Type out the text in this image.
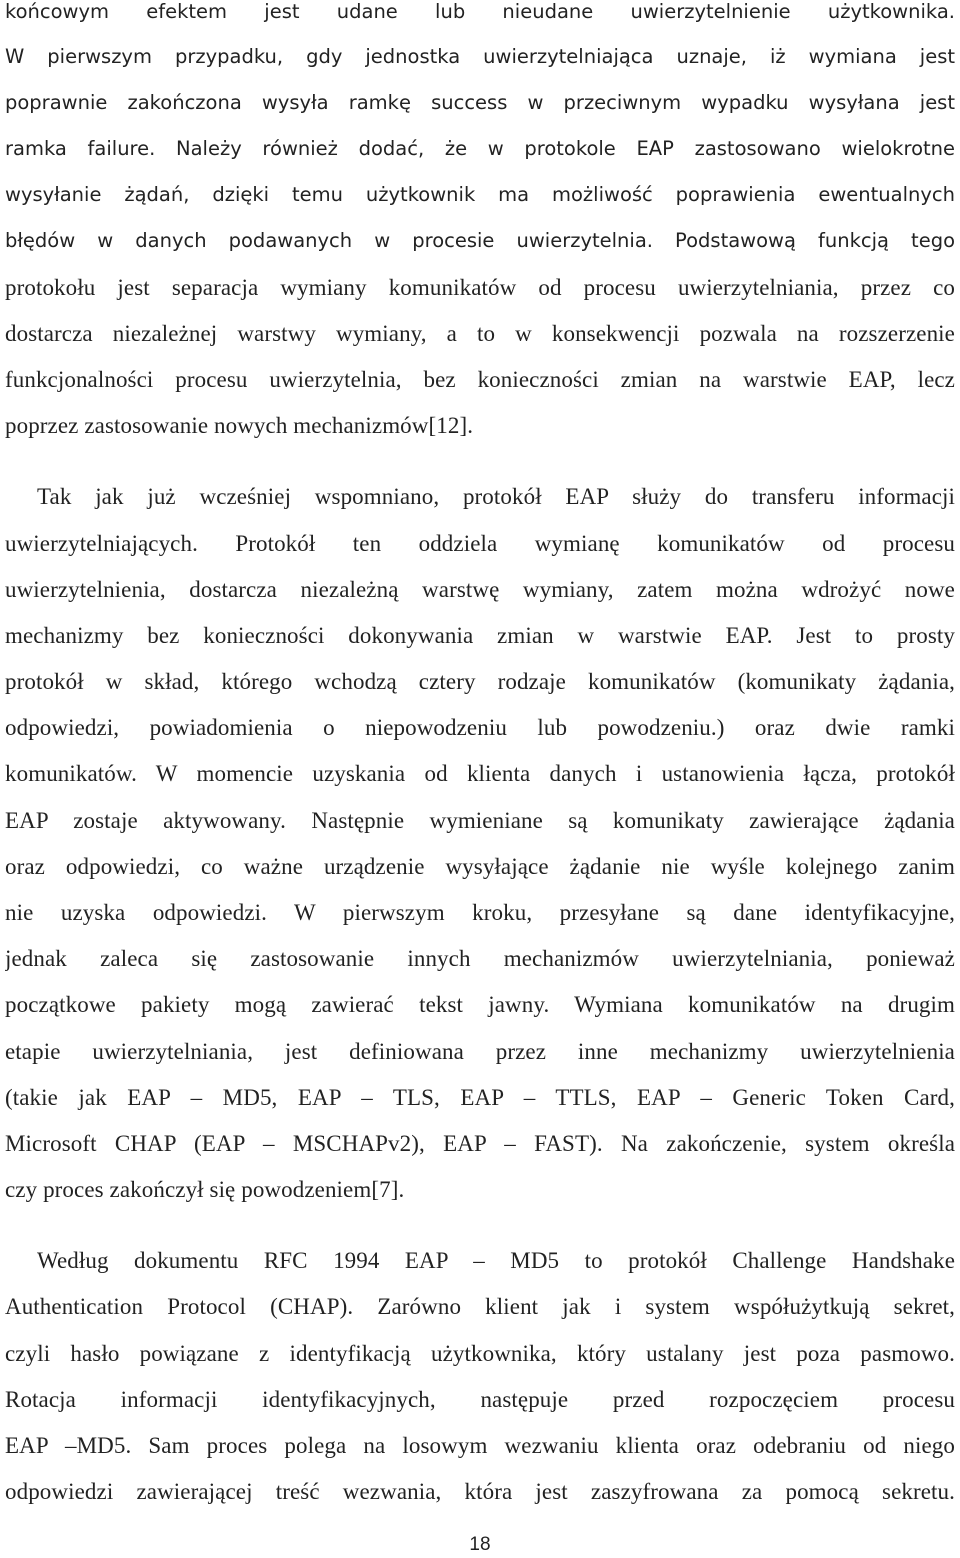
końcowym efektem jest udane lub nieudane uwierzytelnienie użytkownika.
W pierwszym przypadku, gdy jednostka uwierzytelniająca uznaje, iż wymiana jest
poprawnie zakończona wysyła ramkę success w przeciwnym wypadku wysyłana jest
ramka failure. Należy również dodać, że w protokole EAP zastosowano wielokrotne
wysyłanie żądań, dzięki temu użytkownik ma możliwość poprawienia ewentualnych
błędów w danych podawanych w procesie uwierzytelnia. Podstawową funkcją tego
protokołu jest separacja wymiany komunikatów od procesu uwierzytelniania, przez co
dostarcza niezależnej warstwy wymiany, a to w konsekwencji pozwala na rozszerzenie
funkcjonalności procesu uwierzytelnia, bez konieczności zmian na warstwie EAP, lecz
poprzez zastosowanie nowych mechanizmów[12].
Tak jak już wcześniej wspomniano, protokół EAP służy do transferu informacji
uwierzytelniających. Protokół ten oddziela wymianę komunikatów od procesu
uwierzytelnienia, dostarcza niezależną warstwę wymiany, zatem można wdrożyć nowe
mechanizmy bez konieczności dokonywania zmian w warstwie EAP. Jest to prosty
protokół w skład, którego wchodzą cztery rodzaje komunikatów (komunikaty żądania,
odpowiedzi, powiadomienia o niepowodzeniu lub powodzeniu.) oraz dwie ramki
komunikatów. W momencie uzyskania od klienta danych i ustanowienia łącza, protokół
EAP zostaje aktywowany. Następnie wymieniane są komunikaty zawierające żądania
oraz odpowiedzi, co ważne urządzenie wysyłające żądanie nie wyśle kolejnego zanim
nie uzyska odpowiedzi. W pierwszym kroku, przesyłane są dane identyfikacyjne,
jednak zaleca się zastosowanie innych mechanizmów uwierzytelniania, ponieważ
początkowe pakiety mogą zawierać tekst jawny. Wymiana komunikatów na drugim
etapie uwierzytelniania, jest definiowana przez inne mechanizmy uwierzytelnienia
(takie jak EAP – MD5, EAP – TLS, EAP – TTLS, EAP – Generic Token Card,
Microsoft CHAP (EAP – MSCHAPv2), EAP – FAST). Na zakończenie, system określa
czy proces zakończył się powodzeniem[7].
Według dokumentu RFC 1994 EAP – MD5 to protokół Challenge Handshake
Authentication Protocol (CHAP). Zarówno klient jak i system współużytkują sekret,
czyli hasło powiązane z identyfikacją użytkownika, który ustalany jest poza pasmowo.
Rotacja informacji identyfikacyjnych, następuje przed rozpoczęciem procesu
EAP –MD5. Sam proces polega na losowym wezwaniu klienta oraz odebraniu od niego
odpowiedzi zawierającej treść wezwania, która jest zaszyfrowana za pomocą sekretu.
18
